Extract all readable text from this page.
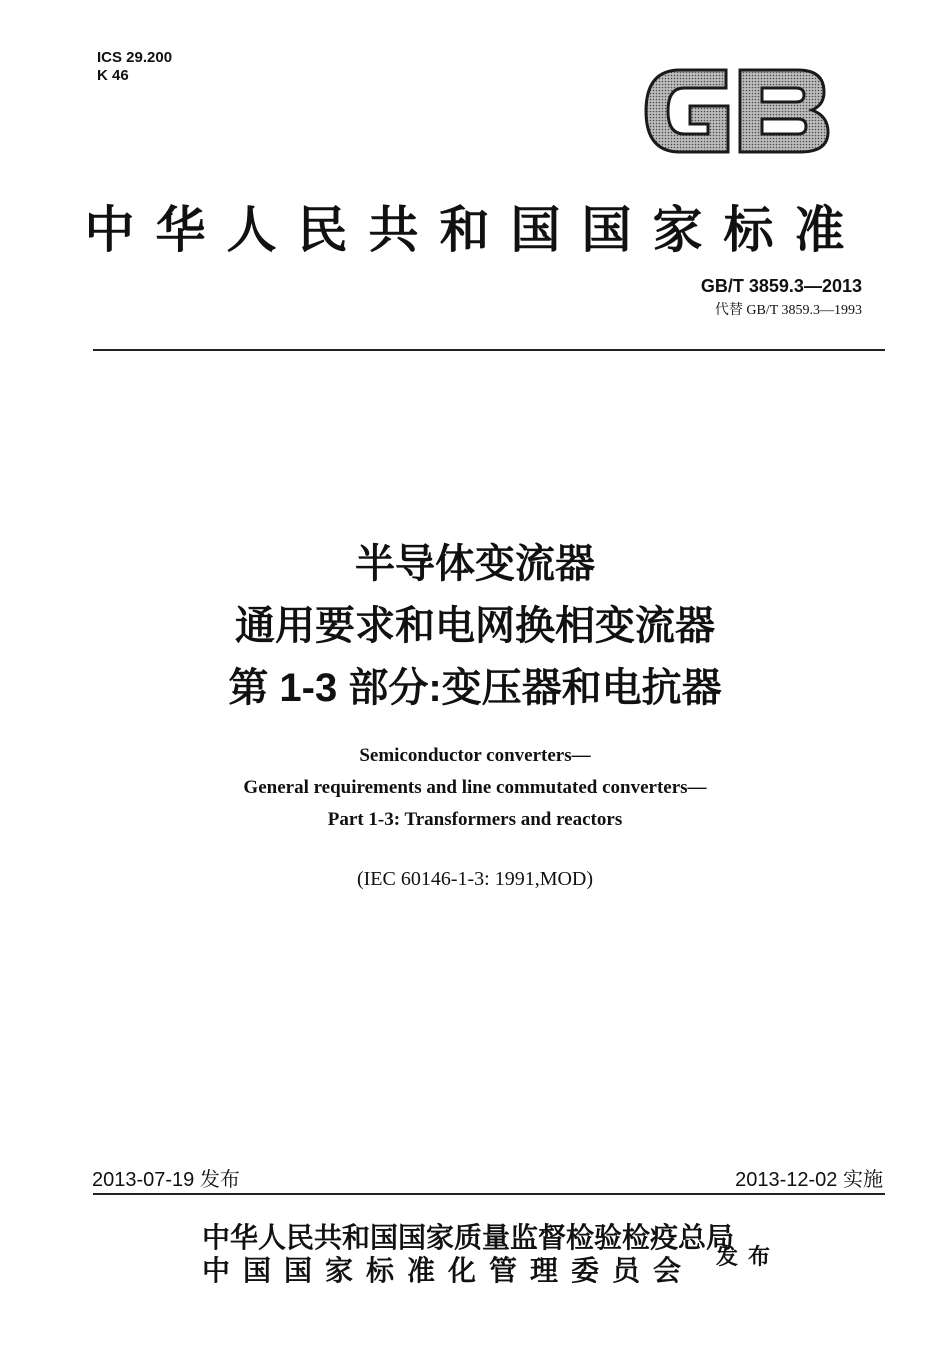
ICS 29.200
K 46
中华人民共和国国家标准
GB/T 3859.3—2013
代替 GB/T 3859.3—1993
半导体变流器
通用要求和电网换相变流器
第 1-3 部分:变压器和电抗器
Semiconductor converters—
General requirements and line commutated converters—
Part 1-3: Transformers and reactors
(IEC 60146-1-3: 1991,MOD)
2013-07-19 发布	2013-12-02 实施
中华人民共和国国家质量监督检验检疫总局
中国国家标准化管理委员会 发布
